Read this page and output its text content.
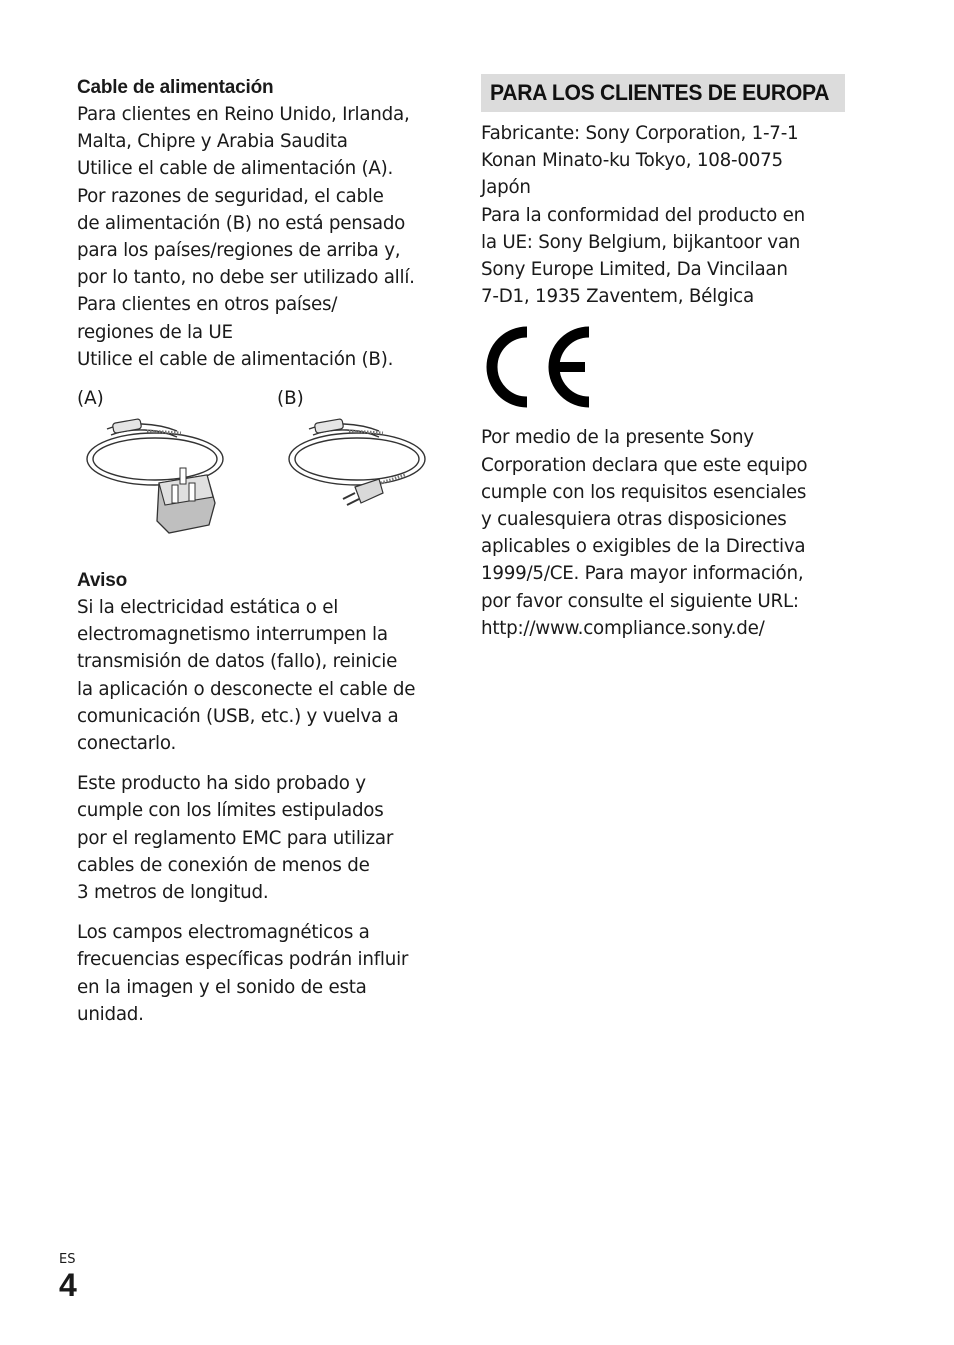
Cable de alimentación

Para clientes en Reino Unido, Irlanda,
Malta, Chipre y Arabia Saudita
Utilice el cable de alimentación (A).
Por razones de seguridad, el cable
de alimentación (B) no está pensado
para los países/regiones de arriba y,
por lo tanto, no debe ser utilizado allí.
Para clientes en otros países/
regiones de la UE
Utilice el cable de alimentación (B).

(A)	(B)
Aviso

Si la electricidad estática o el
electromagnetismo interrumpen la
transmisión de datos (fallo), reinicie
la aplicación o desconecte el cable de
comunicación (USB, etc.) y vuelva a
conectarlo.

Este producto ha sido probado y
cumple con los límites estipulados
por el reglamento EMC para utilizar
cables de conexión de menos de
3 metros de longitud.

Los campos electromagnéticos a
frecuencias específicas podrán influir
en la imagen y el sonido de esta
unidad.

PARA LOS CLIENTES DE EUROPA

Fabricante: Sony Corporation, 1-7-1
Konan Minato-ku Tokyo, 108-0075
Japón
Para la conformidad del producto en
la UE: Sony Belgium, bijkantoor van
Sony Europe Limited, Da Vincilaan
7-D1, 1935 Zaventem, Bélgica

Por medio de la presente Sony
Corporation declara que este equipo
cumple con los requisitos esenciales
y cualesquiera otras disposiciones
aplicables o exigibles de la Directiva
1999/5/CE. Para mayor información,
por favor consulte el siguiente URL:
http://www.compliance.sony.de/

ES
4
